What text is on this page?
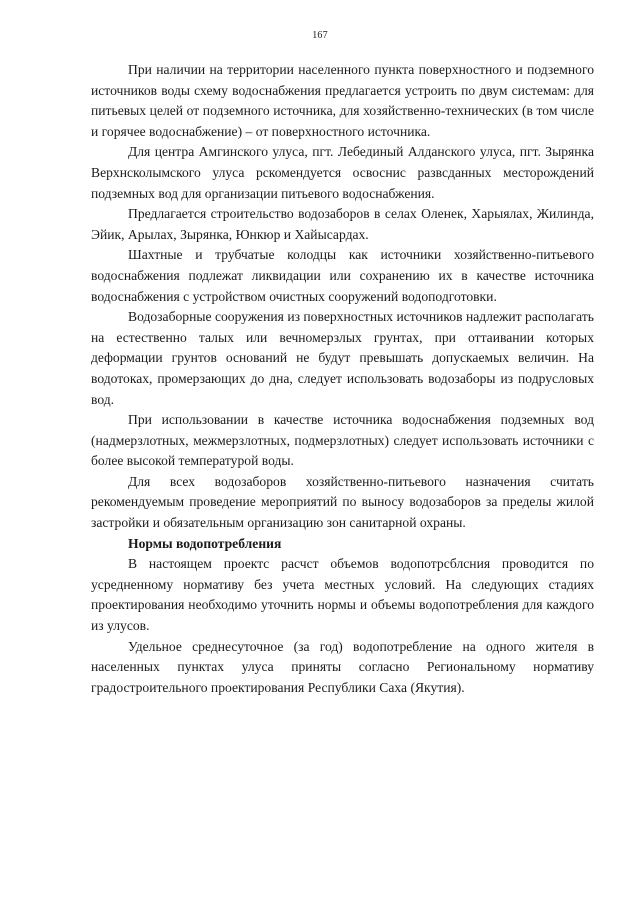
167

При наличии на территории населенного пункта поверхностного и подземного источников воды схему водоснабжения предлагается устроить по двум системам: для питьевых целей от подземного источника, для хозяйственно-технических (в том числе и горячее водоснабжение) – от поверхностного источника.

Для центра Амгинского улуса, пгт. Лебединый Алданского улуса, пгт. Зырянка Верхнсколымского улуса рскомендуется освоснис развсданных месторождений подземных вод для организации питьевого водоснабжения.

Предлагается строительство водозаборов в селах Оленек, Харыялах, Жилинда, Эйик, Арылах, Зырянка, Юнкюр и Хайысардах.

Шахтные и трубчатые колодцы как источники хозяйственно-питьевого водоснабжения подлежат ликвидации или сохранению их в качестве источника водоснабжения с устройством очистных сооружений водоподготовки.

Водозаборные сооружения из поверхностных источников надлежит располагать на естественно талых или вечномерзлых грунтах, при оттаивании которых деформации грунтов оснований не будут превышать допускаемых величин. На водотоках, промерзающих до дна, следует использовать водозаборы из подрусловых вод.

При использовании в качестве источника водоснабжения подземных вод (надмерзлотных, межмерзлотных, подмерзлотных) следует использовать источники с более высокой температурой воды.

Для всех водозаборов хозяйственно-питьевого назначения считать рекомендуемым проведение мероприятий по выносу водозаборов за пределы жилой застройки и обязательным организацию зон санитарной охраны.

Нормы водопотребления

В настоящем проектс расчст объемов водопотрсблсния проводится по усредненному нормативу без учета местных условий. На следующих стадиях проектирования необходимо уточнить нормы и объемы водопотребления для каждого из улусов.

Удельное среднесуточное (за год) водопотребление на одного жителя в населенных пунктах улуса приняты согласно Региональному нормативу градостроительного проектирования Республики Саха (Якутия).
